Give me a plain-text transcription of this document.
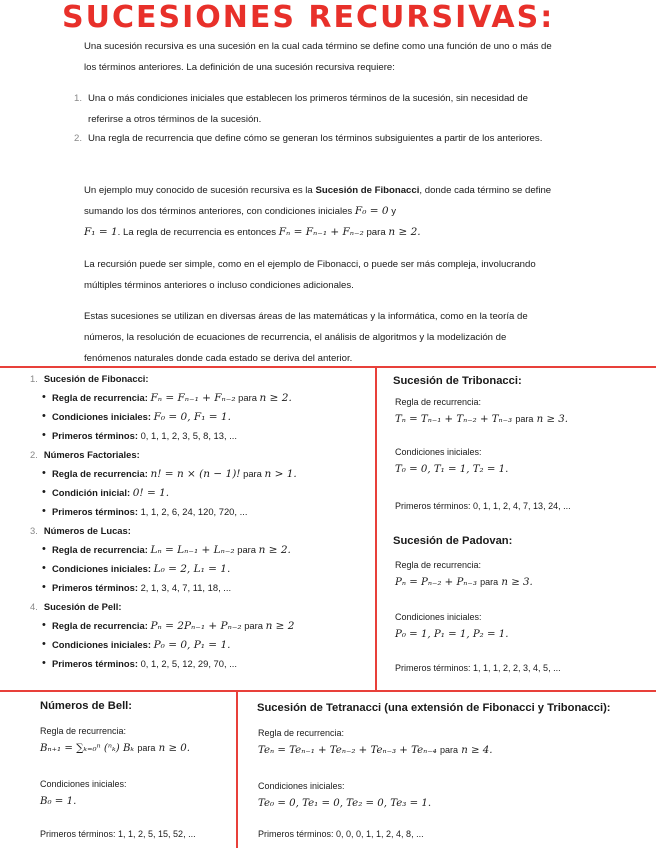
SUCESIONES RECURSIVAS:

Una sucesión recursiva es una sucesión en la cual cada término se define como una función de uno o más de los términos anteriores. La definición de una sucesión recursiva requiere:

1. Una o más condiciones iniciales que establecen los primeros términos de la sucesión, sin necesidad de referirse a otros términos de la sucesión.
2. Una regla de recurrencia que define cómo se generan los términos subsiguientes a partir de los anteriores.

Un ejemplo muy conocido de sucesión recursiva es la Sucesión de Fibonacci, donde cada término se define sumando los dos términos anteriores, con condiciones iniciales F₀ = 0 y
F₁ = 1. La regla de recurrencia es entonces Fₙ = Fₙ₋₁ + Fₙ₋₂ para n ≥ 2.

La recursión puede ser simple, como en el ejemplo de Fibonacci, o puede ser más compleja, involucrando múltiples términos anteriores o incluso condiciones adicionales.

Estas sucesiones se utilizan en diversas áreas de las matemáticas y la informática, como en la teoría de números, la resolución de ecuaciones de recurrencia, el análisis de algoritmos y la modelización de fenómenos naturales donde cada estado se deriva del anterior.

1. Sucesión de Fibonacci:
• Regla de recurrencia: Fₙ = Fₙ₋₁ + Fₙ₋₂ para n ≥ 2.
• Condiciones iniciales: F₀ = 0, F₁ = 1.
• Primeros términos: 0, 1, 1, 2, 3, 5, 8, 13, ...
2. Números Factoriales:
• Regla de recurrencia: n! = n × (n − 1)! para n > 1.
• Condición inicial: 0! = 1.
• Primeros términos: 1, 1, 2, 6, 24, 120, 720, ...
3. Números de Lucas:
• Regla de recurrencia: Lₙ = Lₙ₋₁ + Lₙ₋₂ para n ≥ 2.
• Condiciones iniciales: L₀ = 2, L₁ = 1.
• Primeros términos: 2, 1, 3, 4, 7, 11, 18, ...
4. Sucesión de Pell:
• Regla de recurrencia: Pₙ = 2Pₙ₋₁ + Pₙ₋₂ para n ≥ 2
• Condiciones iniciales: P₀ = 0, P₁ = 1.
• Primeros términos: 0, 1, 2, 5, 12, 29, 70, ...
Sucesión de Tribonacci:
Regla de recurrencia:
Tₙ = Tₙ₋₁ + Tₙ₋₂ + Tₙ₋₃ para n ≥ 3.
Condiciones iniciales:
T₀ = 0, T₁ = 1, T₂ = 1.
Primeros términos: 0, 1, 1, 2, 4, 7, 13, 24, ...
Sucesión de Padovan:
Regla de recurrencia:
Pₙ = Pₙ₋₂ + Pₙ₋₃ para n ≥ 3.
Condiciones iniciales:
P₀ = 1, P₁ = 1, P₂ = 1.
Primeros términos: 1, 1, 1, 2, 2, 3, 4, 5, ...
Números de Bell:
Regla de recurrencia:
Bₙ₊₁ = ∑ₖ₌₀ⁿ (ⁿₖ) Bₖ para n ≥ 0.
Condiciones iniciales:
B₀ = 1.
Primeros términos: 1, 1, 2, 5, 15, 52, ...
Sucesión de Tetranacci (una extensión de Fibonacci y Tribonacci):
Regla de recurrencia:
Teₙ = Teₙ₋₁ + Teₙ₋₂ + Teₙ₋₃ + Teₙ₋₄ para n ≥ 4.
Condiciones iniciales:
Te₀ = 0, Te₁ = 0, Te₂ = 0, Te₃ = 1.
Primeros términos: 0, 0, 0, 1, 1, 2, 4, 8, ...
